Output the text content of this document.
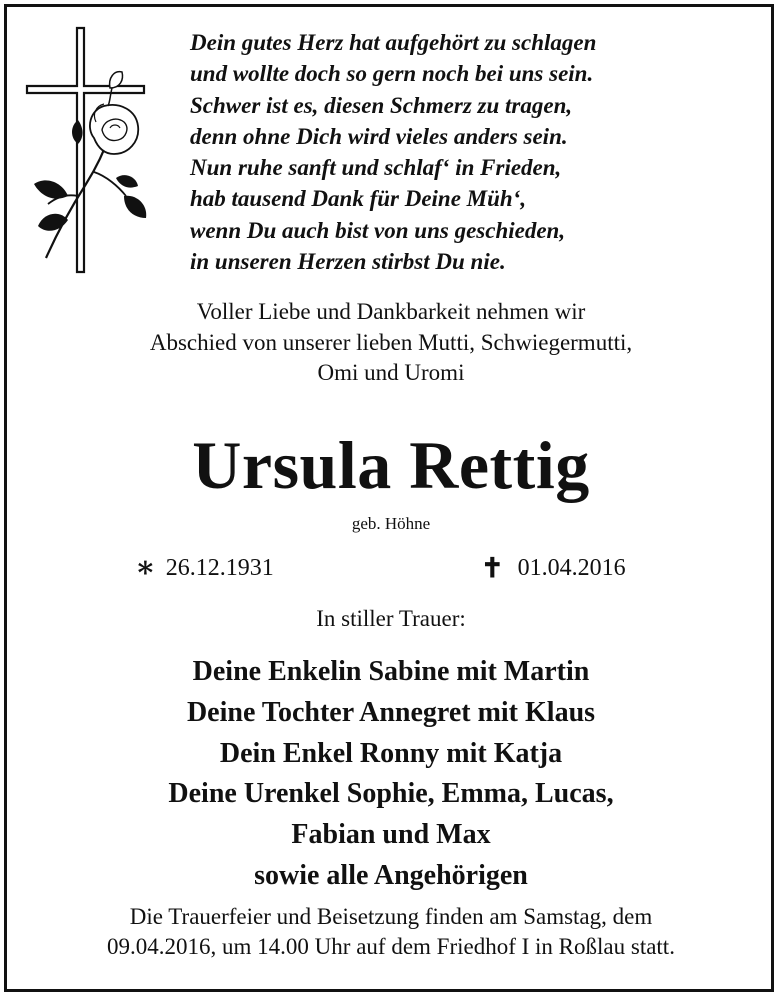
Dein gutes Herz hat aufgehört zu schlagen
und wollte doch so gern noch bei uns sein.
Schwer ist es, diesen Schmerz zu tragen,
denn ohne Dich wird vieles anders sein.
Nun ruhe sanft und schlaf‘ in Frieden,
hab tausend Dank für Deine Müh‘,
wenn Du auch bist von uns geschieden,
in unseren Herzen stirbst Du nie.
Voller Liebe und Dankbarkeit nehmen wir
Abschied von unserer lieben Mutti, Schwiegermutti,
Omi und Uromi
Ursula Rettig
geb. Höhne
∗ 26.12.1931	✝ 01.04.2016
In stiller Trauer:
Deine Enkelin Sabine mit Martin
Deine Tochter Annegret mit Klaus
Dein Enkel Ronny mit Katja
Deine Urenkel Sophie, Emma, Lucas,
Fabian und Max
sowie alle Angehörigen
Die Trauerfeier und Beisetzung finden am Samstag, dem
09.04.2016, um 14.00 Uhr auf dem Friedhof I in Roßlau statt.
